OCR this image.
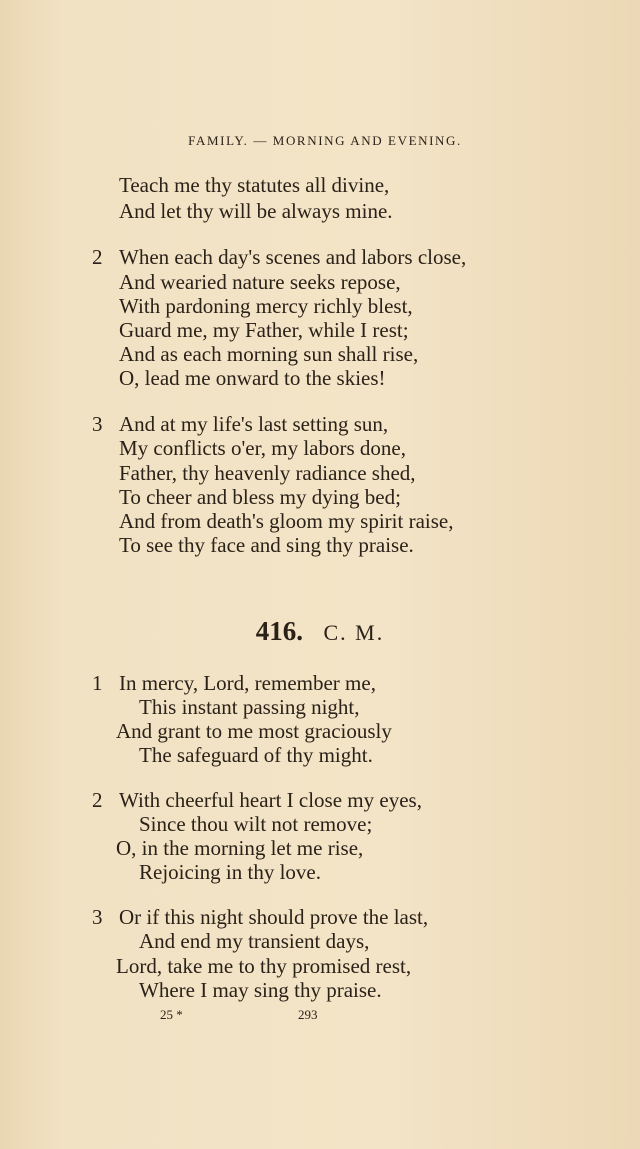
FAMILY. — MORNING AND EVENING.
Teach me thy statutes all divine,
And let thy will be always mine.
2 When each day's scenes and labors close,
And wearied nature seeks repose,
With pardoning mercy richly blest,
Guard me, my Father, while I rest;
And as each morning sun shall rise,
O, lead me onward to the skies!
3 And at my life's last setting sun,
My conflicts o'er, my labors done,
Father, thy heavenly radiance shed,
To cheer and bless my dying bed;
And from death's gloom my spirit raise,
To see thy face and sing thy praise.
416. C. M.
1 In mercy, Lord, remember me,
This instant passing night,
And grant to me most graciously
The safeguard of thy might.
2 With cheerful heart I close my eyes,
Since thou wilt not remove;
O, in the morning let me rise,
Rejoicing in thy love.
3 Or if this night should prove the last,
And end my transient days,
Lord, take me to thy promised rest,
Where I may sing thy praise.
25 *	293
